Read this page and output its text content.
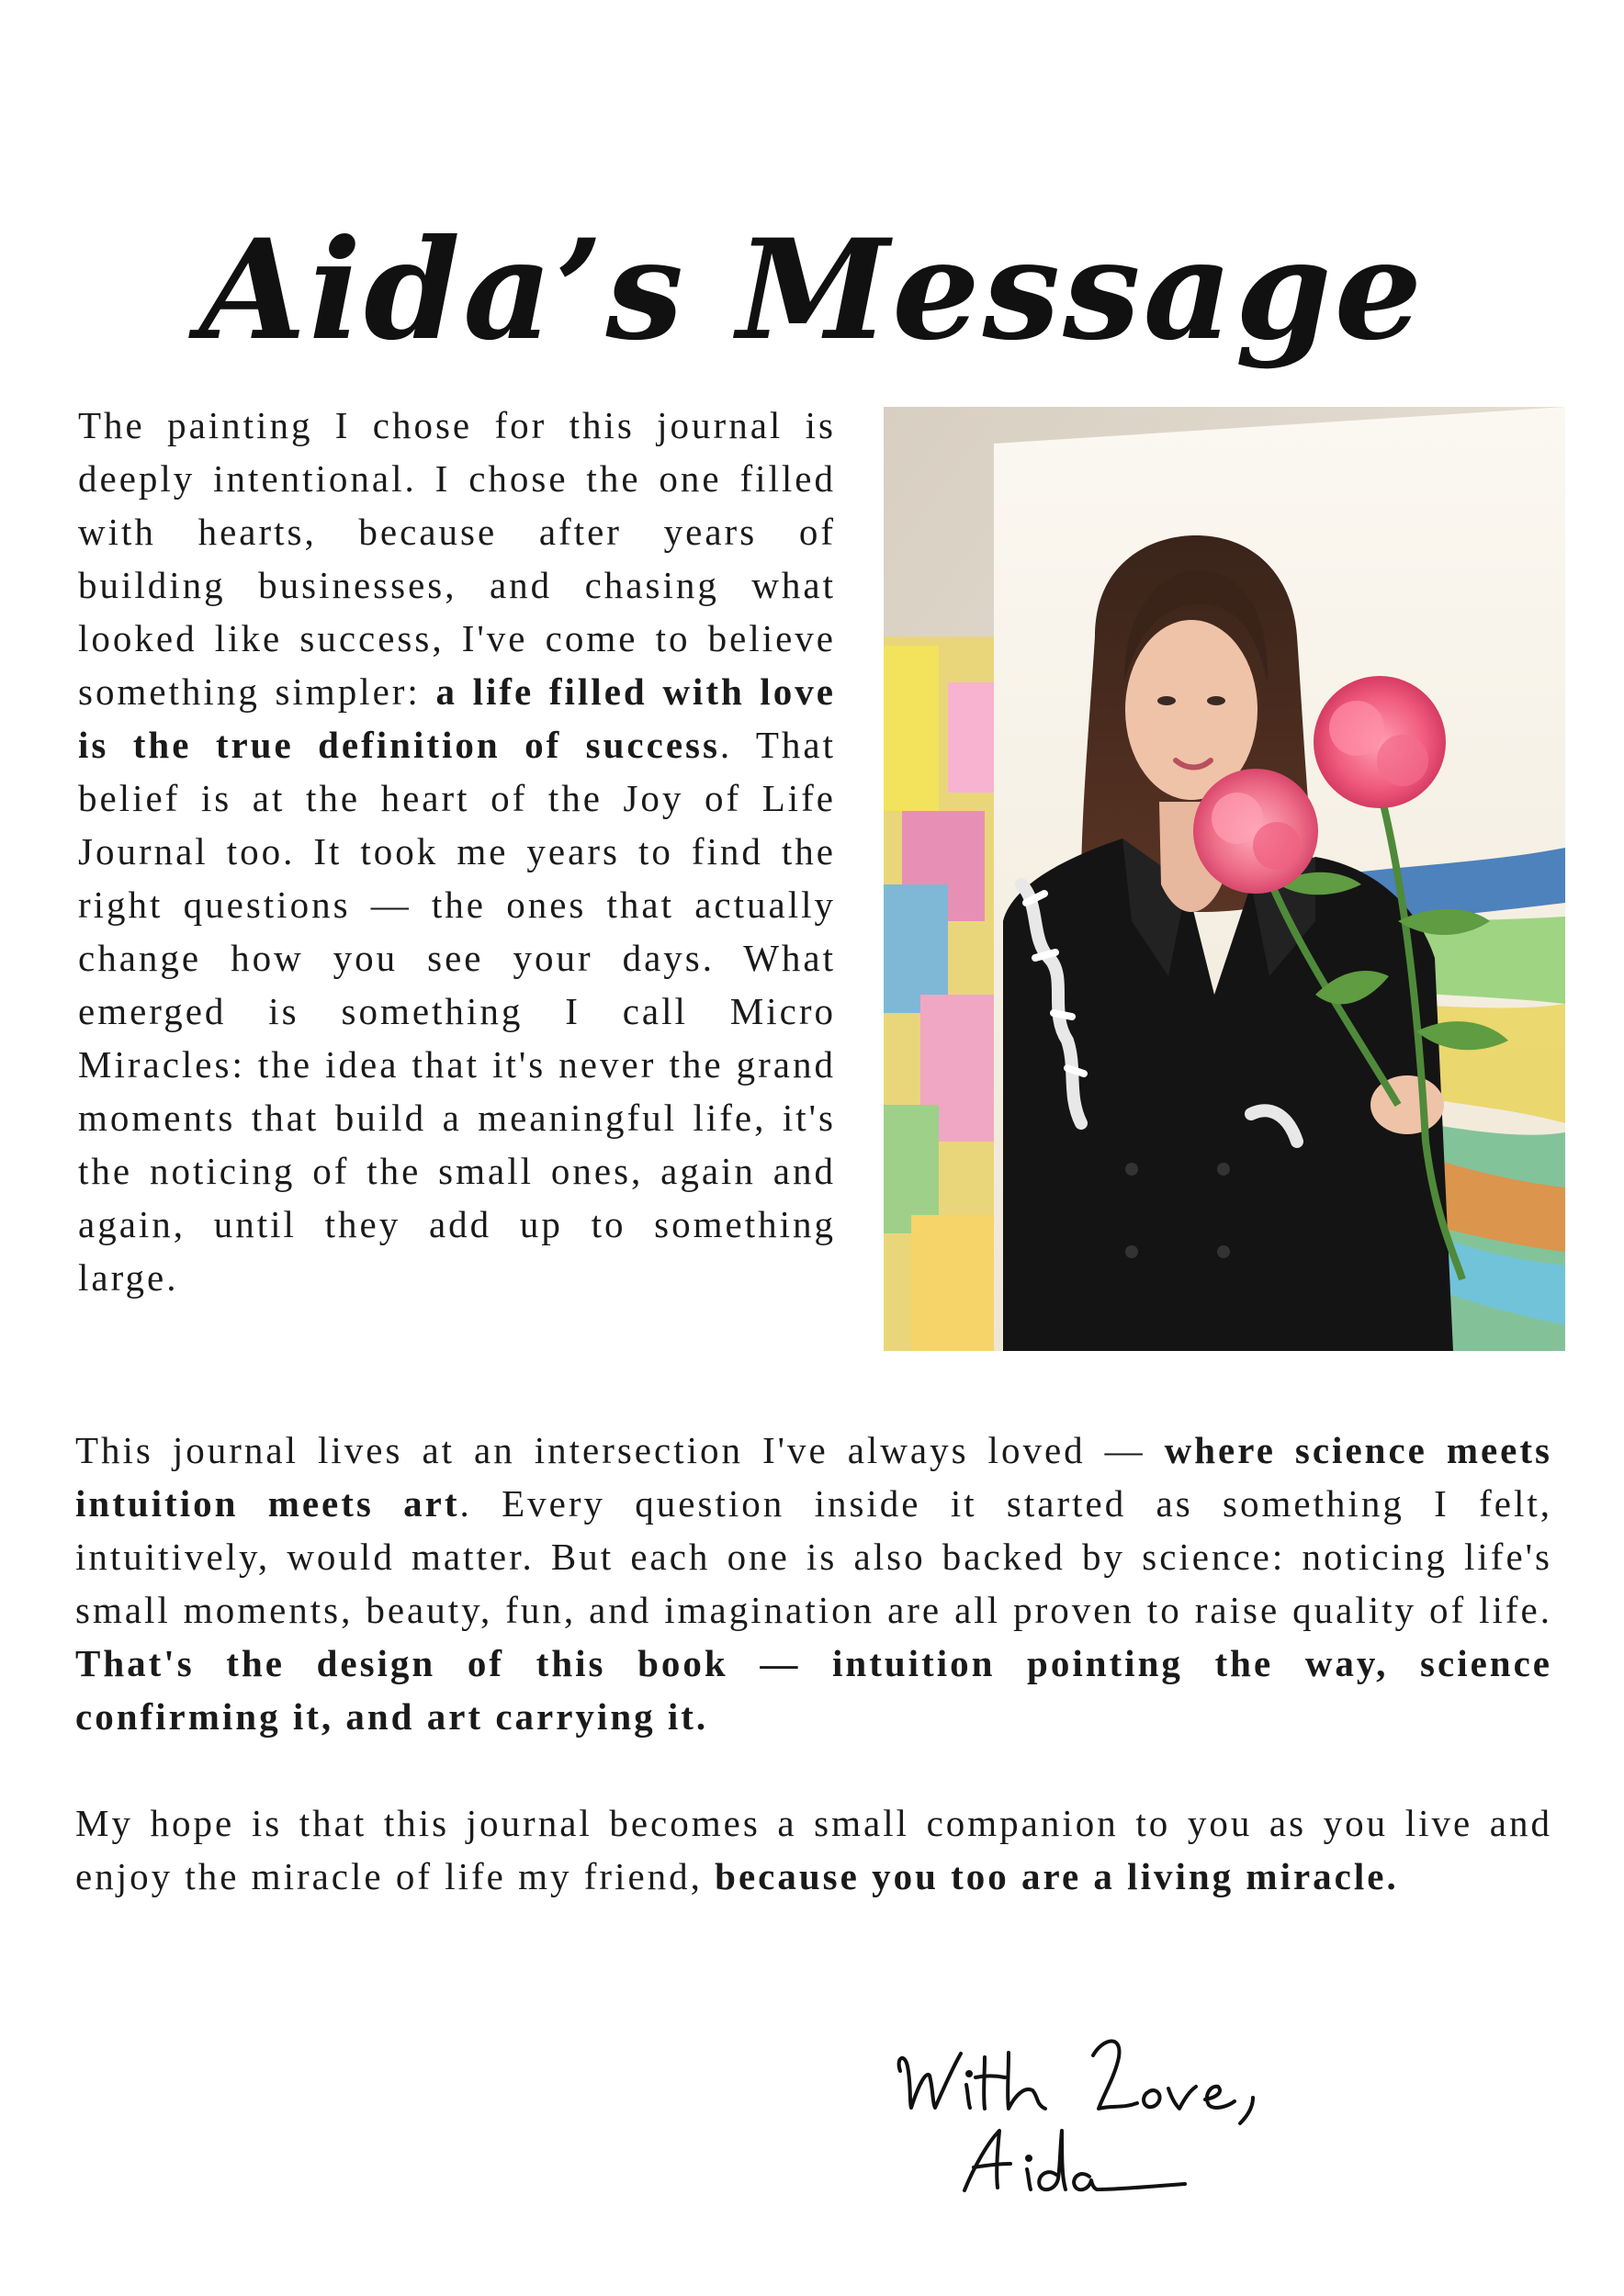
Aida’s Message

The painting I chose for this journal is deeply intentional. I chose the one filled with hearts, because after years of building businesses, and chasing what looked like success, I've come to believe something simpler: a life filled with love is the true definition of success. That belief is at the heart of the Joy of Life Journal too. It took me years to find the right questions — the ones that actually change how you see your days. What emerged is something I call Micro Miracles: the idea that it's never the grand moments that build a meaningful life, it's the noticing of the small ones, again and again, until they add up to something large.

This journal lives at an intersection I've always loved — where science meets intuition meets art. Every question inside it started as something I felt, intuitively, would matter. But each one is also backed by science: noticing life's small moments, beauty, fun, and imagination are all proven to raise quality of life. That's the design of this book — intuition pointing the way, science confirming it, and art carrying it.

My hope is that this journal becomes a small companion to you as you live and enjoy the miracle of life my friend, because you too are a living miracle.
